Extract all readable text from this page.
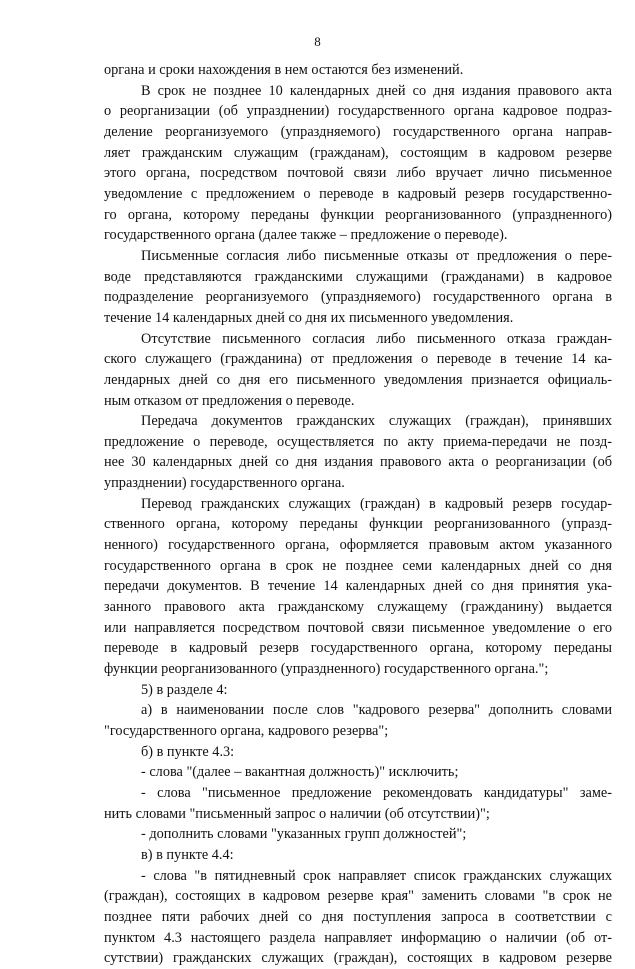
8
органа и сроки нахождения в нем остаются без изменений.
В срок не позднее 10 календарных дней со дня издания правового акта
о реорганизации (об упразднении) государственного органа кадровое подраз-
деление реорганизуемого (упраздняемого) государственного органа направ-
ляет гражданским служащим (гражданам), состоящим в кадровом резерве
этого органа, посредством почтовой связи либо вручает лично письменное
уведомление с предложением о переводе в кадровый резерв государственно-
го органа, которому переданы функции реорганизованного (упраздненного)
государственного органа (далее также – предложение о переводе).
Письменные согласия либо письменные отказы от предложения о пере-
воде представляются гражданскими служащими (гражданами) в кадровое
подразделение реорганизуемого (упраздняемого) государственного органа в
течение 14 календарных дней со дня их письменного уведомления.
Отсутствие письменного согласия либо письменного отказа граждан-
ского служащего (гражданина) от предложения о переводе в течение 14 ка-
лендарных дней со дня его письменного уведомления признается официаль-
ным отказом от предложения о переводе.
Передача документов гражданских служащих (граждан), принявших
предложение о переводе, осуществляется по акту приема-передачи не позд-
нее 30 календарных дней со дня издания правового акта о реорганизации (об
упразднении) государственного органа.
Перевод гражданских служащих (граждан) в кадровый резерв государ-
ственного органа, которому переданы функции реорганизованного (упразд-
ненного) государственного органа, оформляется правовым актом указанного
государственного органа в срок не позднее семи календарных дней со дня
передачи документов. В течение 14 календарных дней со дня принятия ука-
занного правового акта гражданскому служащему (гражданину) выдается
или направляется посредством почтовой связи письменное уведомление о его
переводе в кадровый резерв государственного органа, которому переданы
функции реорганизованного (упраздненного) государственного органа.";
5) в разделе 4:
а) в наименовании после слов "кадрового резерва" дополнить словами
"государственного органа, кадрового резерва";
б) в пункте 4.3:
- слова "(далее – вакантная должность)" исключить;
- слова "письменное предложение рекомендовать кандидатуры" заме-
нить словами "письменный запрос о наличии (об отсутствии)";
- дополнить словами "указанных групп должностей";
в) в пункте 4.4:
- слова "в пятидневный срок направляет список гражданских служащих
(граждан), состоящих в кадровом резерве края" заменить словами "в срок не
позднее пяти рабочих дней со дня поступления запроса в соответствии с
пунктом 4.3 настоящего раздела направляет информацию о наличии (об от-
сутствии) гражданских служащих (граждан), состоящих в кадровом резерве
